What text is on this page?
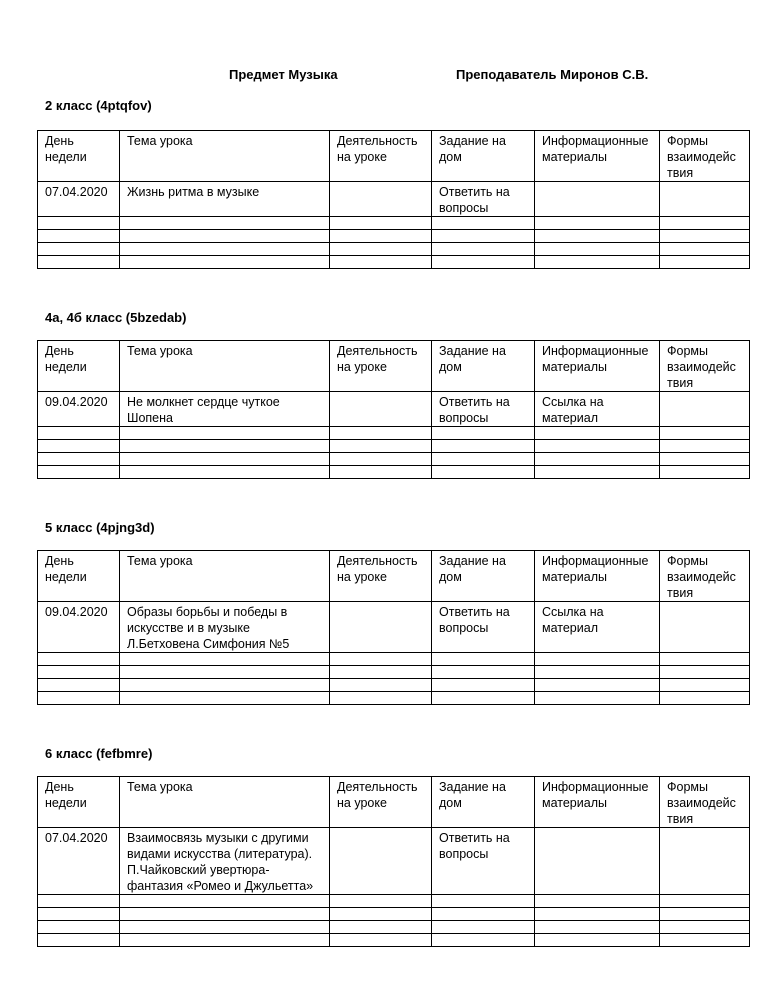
Предмет Музыка	Преподаватель Миронов С.В.
2 класс (4ptqfov)
День недели	Тема урока	Деятельность на уроке	Задание на дом	Информационные материалы	Формы взаимодейс твия
07.04.2020	Жизнь ритма в музыке		Ответить на вопросы		

4а, 4б класс (5bzedab)
День недели	Тема урока	Деятельность на уроке	Задание на дом	Информационные материалы	Формы взаимодейс твия
09.04.2020	Не молкнет сердце чуткое Шопена		Ответить на вопросы	Ссылка на материал	

5 класс (4pjng3d)
День недели	Тема урока	Деятельность на уроке	Задание на дом	Информационные материалы	Формы взаимодейс твия
09.04.2020	Образы борьбы и победы в искусстве и в музыке Л.Бетховена Симфония №5		Ответить на вопросы	Ссылка на материал	

6 класс (fefbmre)
День недели	Тема урока	Деятельность на уроке	Задание на дом	Информационные материалы	Формы взаимодейс твия
07.04.2020	Взаимосвязь музыки с другими видами искусства (литература). П.Чайковский увертюра-фантазия «Ромео и Джульетта»		Ответить на вопросы		
